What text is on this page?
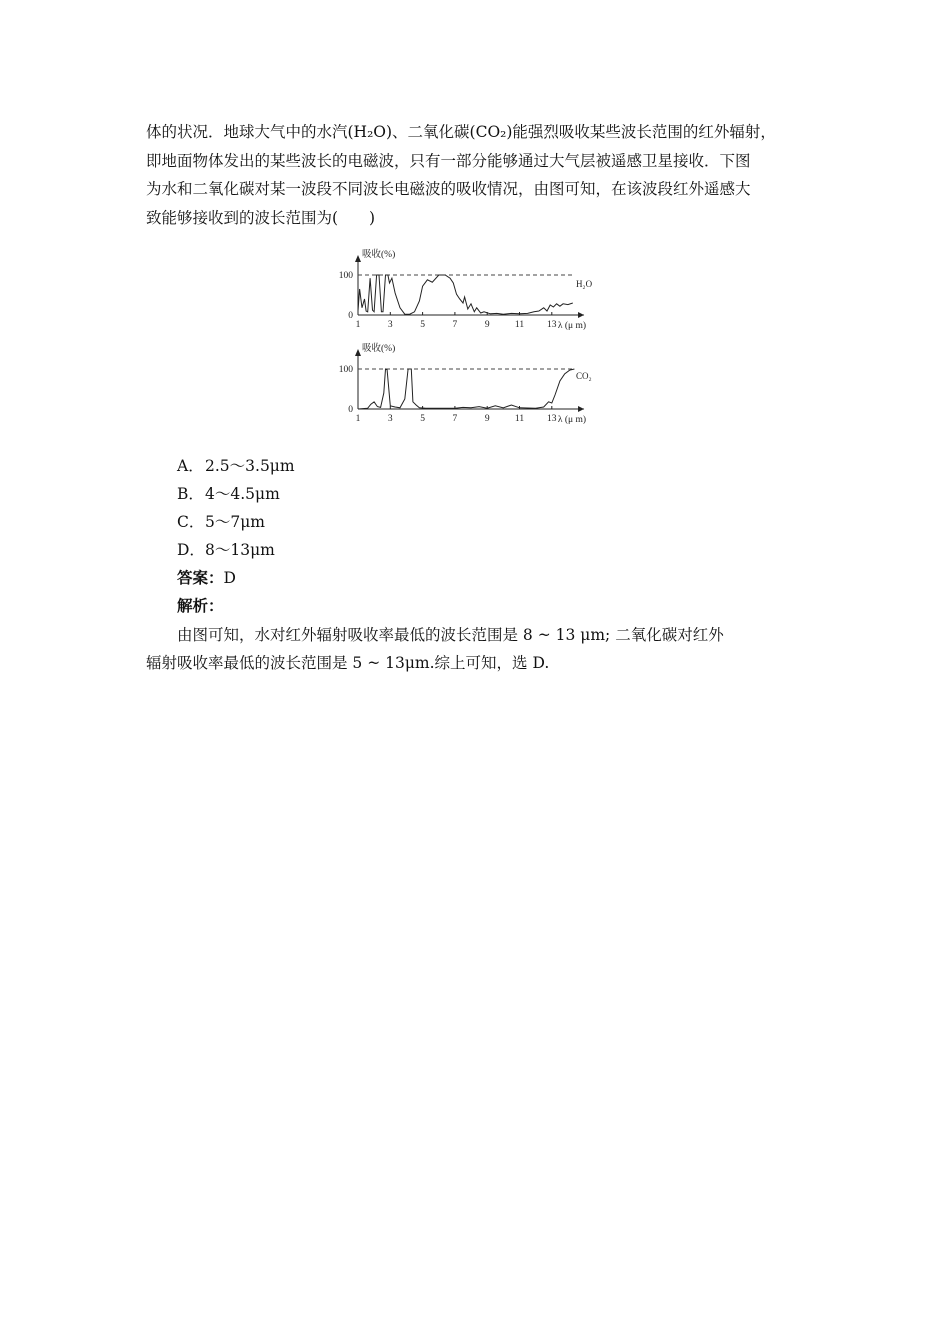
体的状况．地球大气中的水汽(H₂O)、二氧化碳(CO₂)能强烈吸收某些波长范围的红外辐射，
即地面物体发出的某些波长的电磁波，只有一部分能够通过大气层被遥感卫星接收．下图
为水和二氧化碳对某一波段不同波长电磁波的吸收情况，由图可知，在该波段红外遥感大
致能够接收到的波长范围为(　　)
吸收(%)
0
100
1	3	5	7	9	11 13 λ (μ m)
H₂O
吸收(%)
0
100
1	3	5	7	9	11 13 λ (μ m)
CO₂
A．2.5～3.5μm
B．4～4.5μm
C．5～7μm
D．8～13μm
答案：D
解析：
由图可知，水对红外辐射吸收率最低的波长范围是 8 ~ 13 μm; 二氧化碳对红外
辐射吸收率最低的波长范围是 5 ~ 13μm.综上可知，选 D.
